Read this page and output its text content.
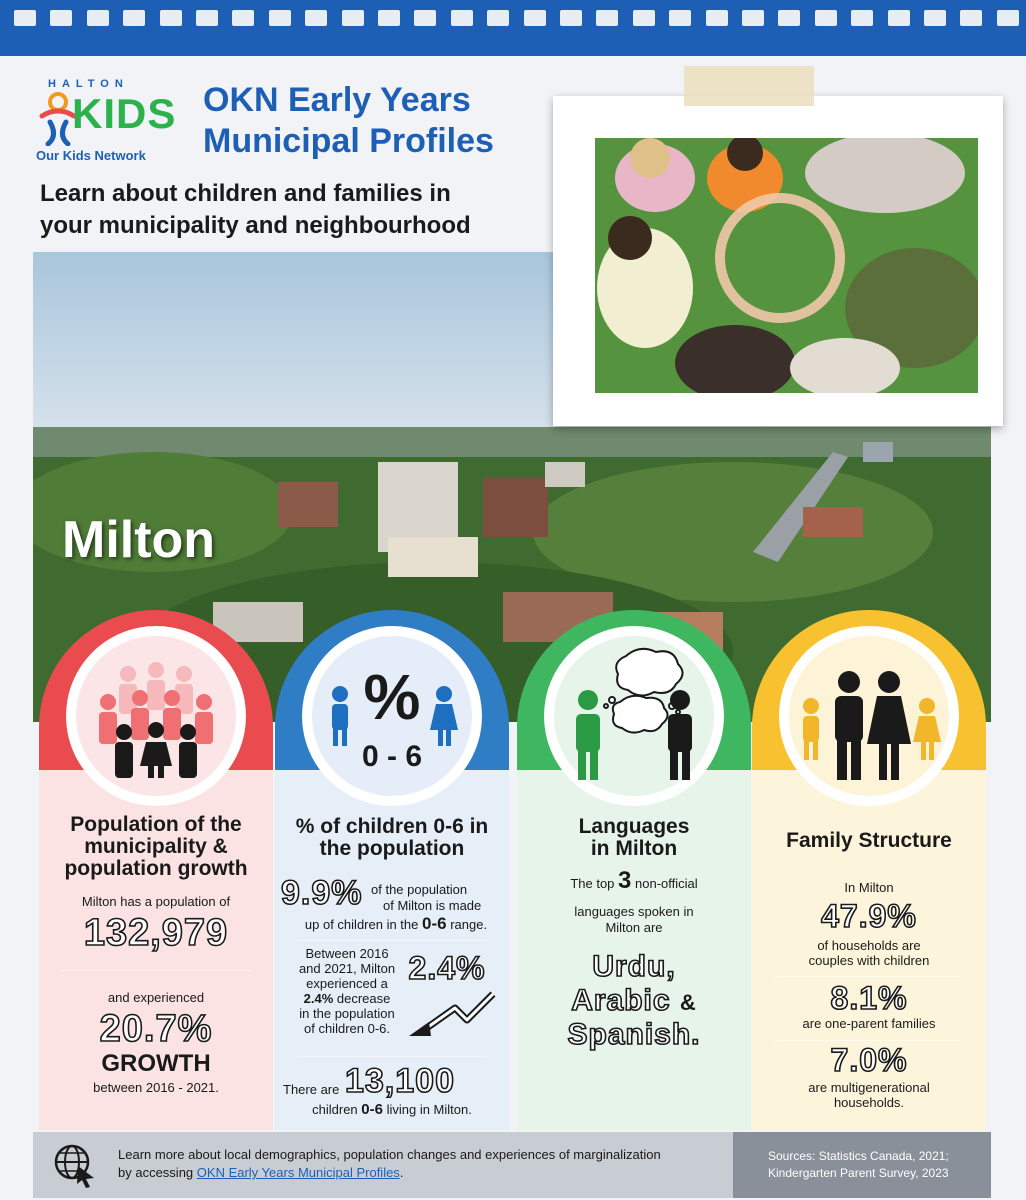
HALTON
KIDS
Our Kids Network
OKN Early Years
Municipal Profiles
Learn about children and families in
your municipality and neighbourhood
Milton
Population of the municipality & population growth
Milton has a population of
132,979
and experienced
20.7%
GROWTH
between 2016 - 2021.
%
0 - 6
% of children 0-6 in the population
9.9% of the population
of Milton is made
up of children in the 0-6 range.
Between 2016
and 2021, Milton
experienced a
2.4% decrease
in the population
of children 0-6.
2.4%
There are 13,100
children 0-6 living in Milton.
Languages
in Milton
The top 3 non-official
languages spoken in
Milton are
Urdu,
Arabic &
Spanish.
Family Structure
In Milton
47.9%
of households are
couples with children
8.1%
are one-parent families
7.0%
are multigenerational
households.
Learn more about local demographics, population changes and experiences of marginalization
by accessing OKN Early Years Municipal Profiles.
Sources: Statistics Canada, 2021;
Kindergarten Parent Survey, 2023
